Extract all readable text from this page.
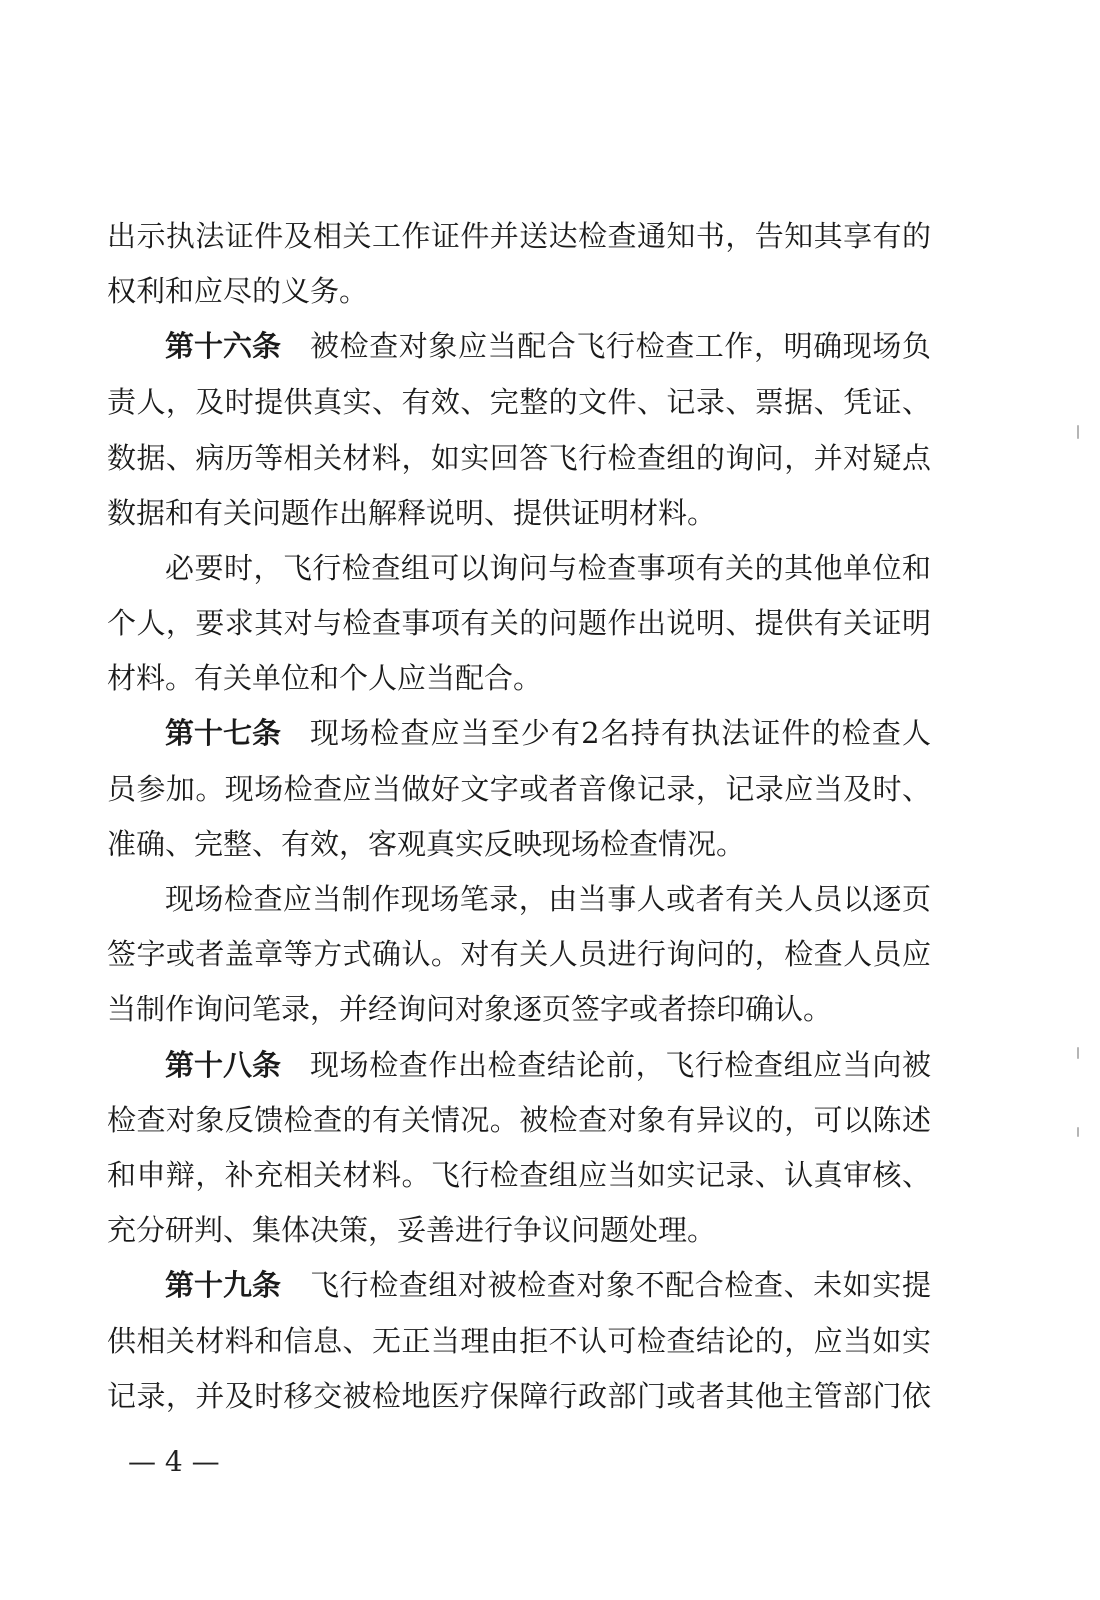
出示执法证件及相关工作证件并送达检查通知书，告知其享有的
权利和应尽的义务。
第十六条 被检查对象应当配合飞行检查工作，明确现场负
责人，及时提供真实、有效、完整的文件、记录、票据、凭证、
数据、病历等相关材料，如实回答飞行检查组的询问，并对疑点
数据和有关问题作出解释说明、提供证明材料。
必要时，飞行检查组可以询问与检查事项有关的其他单位和
个人，要求其对与检查事项有关的问题作出说明、提供有关证明
材料。有关单位和个人应当配合。
第十七条 现场检查应当至少有2名持有执法证件的检查人
员参加。现场检查应当做好文字或者音像记录，记录应当及时、
准确、完整、有效，客观真实反映现场检查情况。
现场检查应当制作现场笔录，由当事人或者有关人员以逐页
签字或者盖章等方式确认。对有关人员进行询问的，检查人员应
当制作询问笔录，并经询问对象逐页签字或者捺印确认。
第十八条 现场检查作出检查结论前，飞行检查组应当向被
检查对象反馈检查的有关情况。被检查对象有异议的，可以陈述
和申辩，补充相关材料。飞行检查组应当如实记录、认真审核、
充分研判、集体决策，妥善进行争议问题处理。
第十九条 飞行检查组对被检查对象不配合检查、未如实提
供相关材料和信息、无正当理由拒不认可检查结论的，应当如实
记录，并及时移交被检地医疗保障行政部门或者其他主管部门依
— 4 —
